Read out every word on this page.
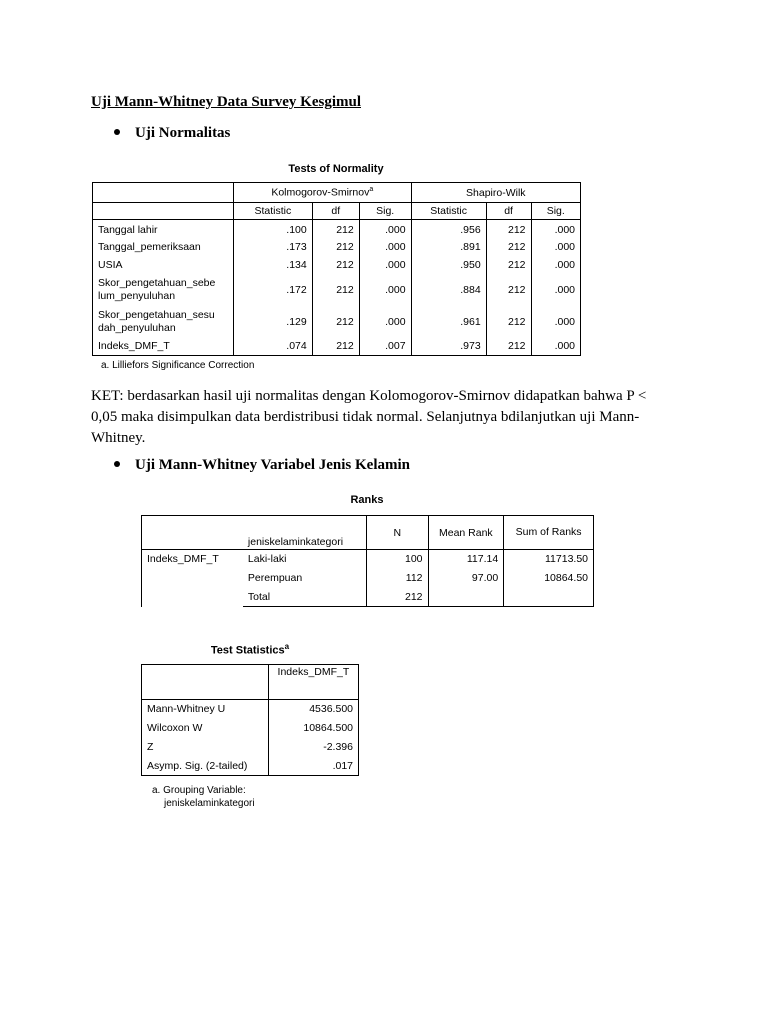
Uji Mann-Whitney Data Survey Kesgimul
Uji Normalitas
Tests of Normality
	Kolmogorov-Smirnov$^a$			Shapiro-Wilk		
	Statistic	df	Sig.	Statistic	df	Sig.
Tanggal lahir	.100	212	.000	.956	212	.000
Tanggal_pemeriksaan	.173	212	.000	.891	212	.000
USIA	.134	212	.000	.950	212	.000
Skor_pengetahuan_sebe
lum_penyuluhan	.172	212	.000	.884	212	.000
Skor_pengetahuan_sesu
dah_penyuluhan	.129	212	.000	.961	212	.000
Indeks_DMF_T	.074	212	.007	.973	212	.000
a. Lilliefors Significance Correction
KET: berdasarkan hasil uji normalitas dengan Kolomogorov-Smirnov didapatkan bahwa P < 0,05 maka disimpulkan data berdistribusi tidak normal. Selanjutnya bdilanjutkan uji Mann-Whitney.
Uji Mann-Whitney Variabel Jenis Kelamin
Ranks
	jeniskelaminkategori	N	Mean Rank	Sum of Ranks
Indeks_DMF_T	Laki-laki	100	117.14	11713.50
	Perempuan	112	97.00	10864.50
	Total	212		
Test Statistics$^a$
	Indeks_DMF_T
Mann-Whitney U	4536.500
Wilcoxon W	10864.500
Z	-2.396
Asymp. Sig. (2-tailed)	.017
a. Grouping Variable:
jeniskelaminkategori
